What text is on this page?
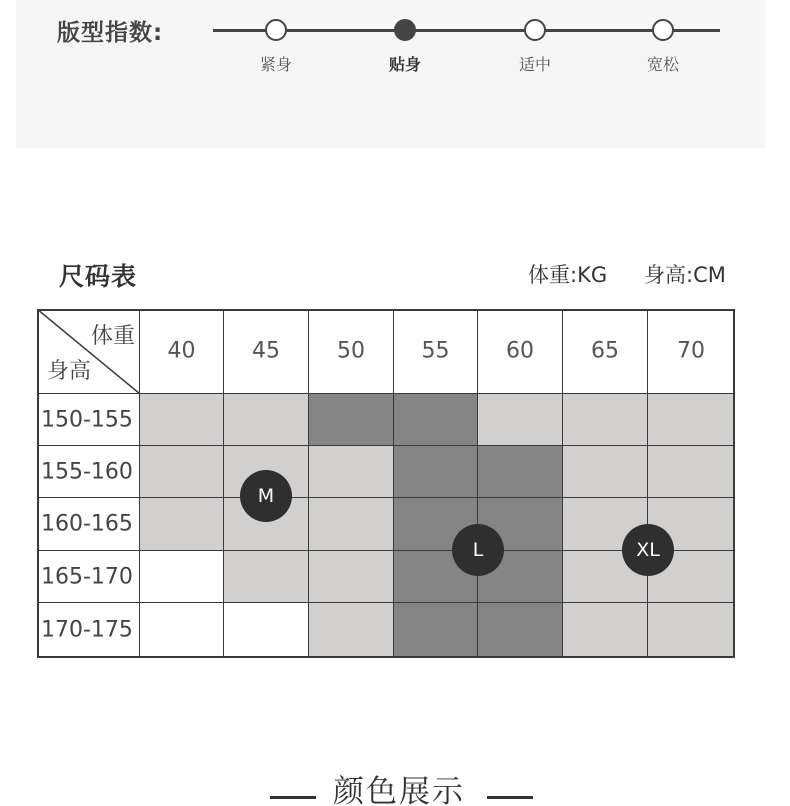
版型指数:
紧身	贴身	适中	宽松
尺码表	体重:KG 身高:CM
体重
身高
40	45	50	55	60	65	70
150-155
155-160
160-165
165-170
170-175
M
L	XL
颜色展示
